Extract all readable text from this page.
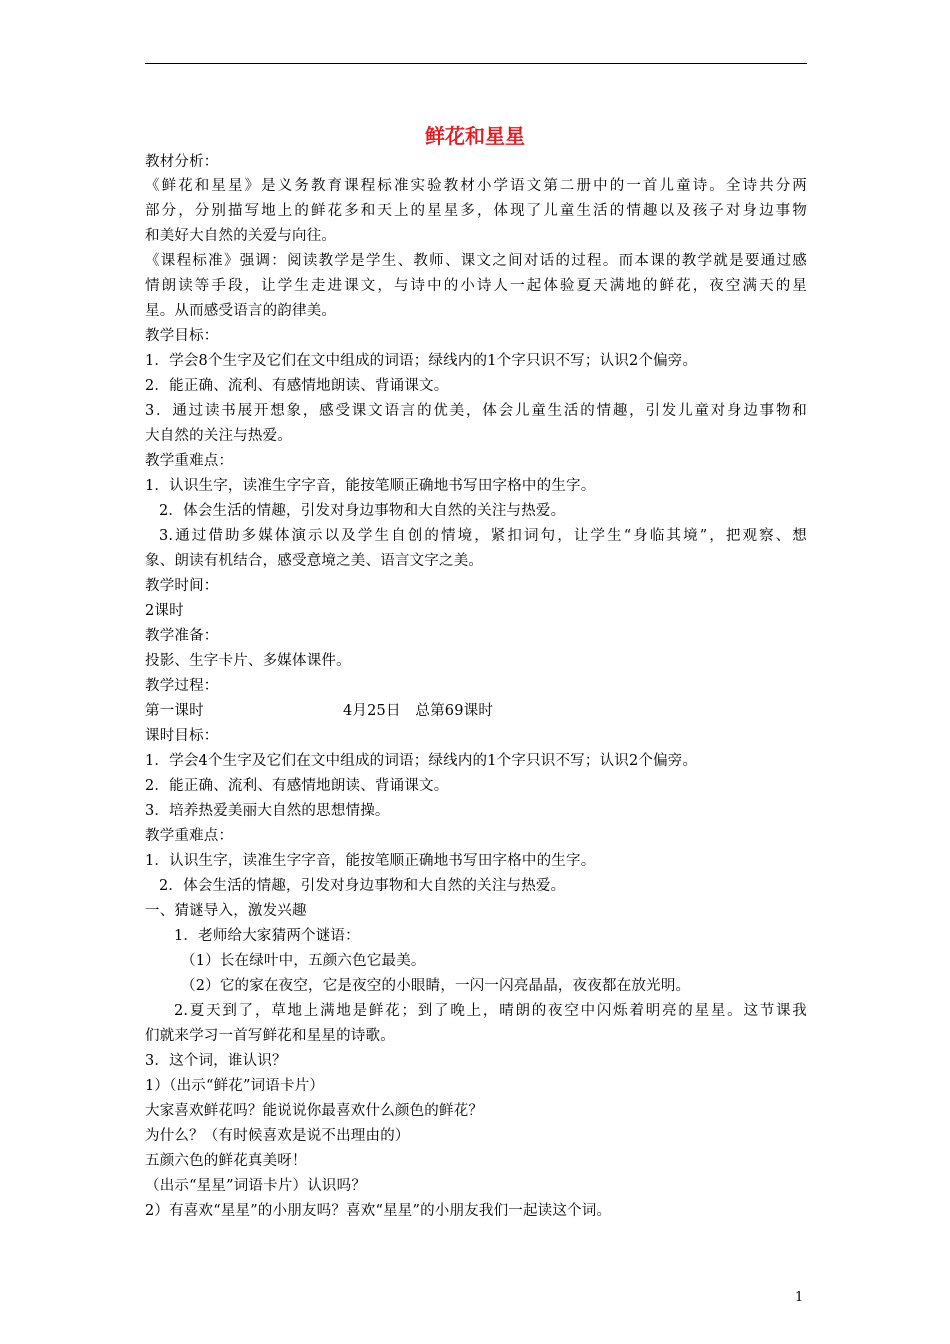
鲜花和星星
教材分析：
《鲜花和星星》是义务教育课程标准实验教材小学语文第二册中的一首儿童诗。全诗共分两
部分，分别描写地上的鲜花多和天上的星星多，体现了儿童生活的情趣以及孩子对身边事物
和美好大自然的关爱与向往。
《课程标准》强调：阅读教学是学生、教师、课文之间对话的过程。而本课的教学就是要通过感
情朗读等手段，让学生走进课文，与诗中的小诗人一起体验夏天满地的鲜花，夜空满天的星
星。从而感受语言的韵律美。
教学目标：
1．学会8个生字及它们在文中组成的词语；绿线内的1个字只识不写；认识2个偏旁。
2．能正确、流利、有感情地朗读、背诵课文。
3．通过读书展开想象，感受课文语言的优美，体会儿童生活的情趣，引发儿童对身边事物和
大自然的关注与热爱。
教学重难点：
1．认识生字，读准生字字音，能按笔顺正确地书写田字格中的生字。
2．体会生活的情趣，引发对身边事物和大自然的关注与热爱。
3.通过借助多媒体演示以及学生自创的情境，紧扣词句，让学生“身临其境”，把观察、想
象、朗读有机结合，感受意境之美、语言文字之美。
教学时间：
2课时
教学准备：
投影、生字卡片、多媒体课件。
教学过程：
第一课时	4月25日　总第69课时
课时目标：
1．学会4个生字及它们在文中组成的词语；绿线内的1个字只识不写；认识2个偏旁。
2．能正确、流利、有感情地朗读、背诵课文。
3．培养热爱美丽大自然的思想情操。
教学重难点：
1．认识生字，读准生字字音，能按笔顺正确地书写田字格中的生字。
2．体会生活的情趣，引发对身边事物和大自然的关注与热爱。
一、猜谜导入，激发兴趣
1．老师给大家猜两个谜语：
（1）长在绿叶中，五颜六色它最美。
（2）它的家在夜空，它是夜空的小眼睛，一闪一闪亮晶晶，夜夜都在放光明。
2.夏天到了，草地上满地是鲜花；到了晚上，晴朗的夜空中闪烁着明亮的星星。这节课我
们就来学习一首写鲜花和星星的诗歌。
3．这个词，谁认识？
1）（出示“鲜花”词语卡片）
大家喜欢鲜花吗？能说说你最喜欢什么颜色的鲜花？
为什么？（有时候喜欢是说不出理由的）
五颜六色的鲜花真美呀！
（出示“星星”词语卡片）认识吗？
2）有喜欢“星星”的小朋友吗？喜欢“星星”的小朋友我们一起读这个词。
1
